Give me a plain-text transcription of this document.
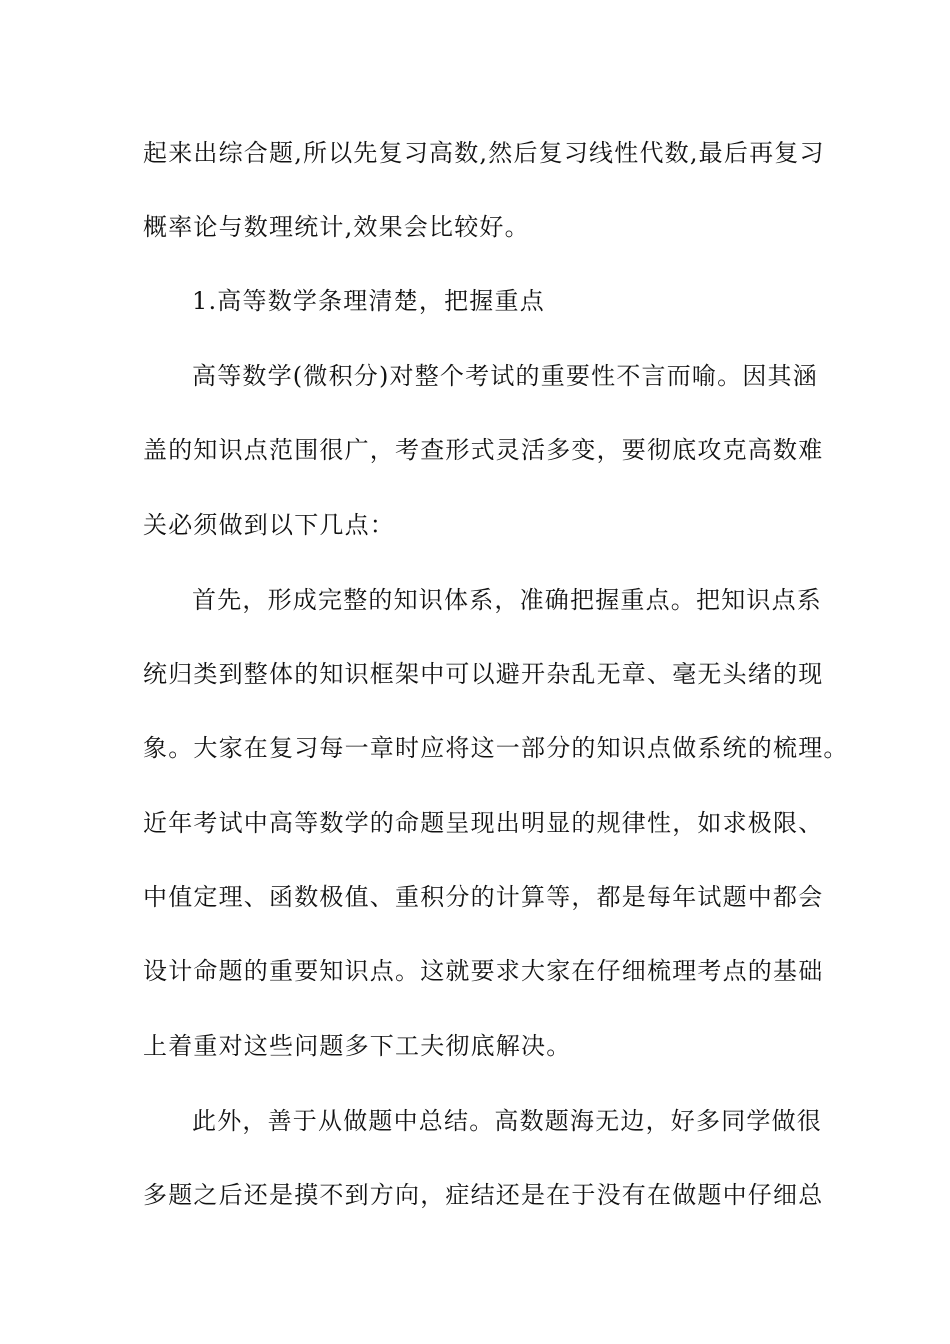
起来出综合题,所以先复习高数,然后复习线性代数,最后再复习
概率论与数理统计,效果会比较好。
1.高等数学条理清楚，把握重点
高等数学(微积分)对整个考试的重要性不言而喻。因其涵
盖的知识点范围很广，考查形式灵活多变，要彻底攻克高数难
关必须做到以下几点：
首先，形成完整的知识体系，准确把握重点。把知识点系
统归类到整体的知识框架中可以避开杂乱无章、毫无头绪的现
象。大家在复习每一章时应将这一部分的知识点做系统的梳理。
近年考试中高等数学的命题呈现出明显的规律性，如求极限、
中值定理、函数极值、重积分的计算等，都是每年试题中都会
设计命题的重要知识点。这就要求大家在仔细梳理考点的基础
上着重对这些问题多下工夫彻底解决。
此外，善于从做题中总结。高数题海无边，好多同学做很
多题之后还是摸不到方向，症结还是在于没有在做题中仔细总
